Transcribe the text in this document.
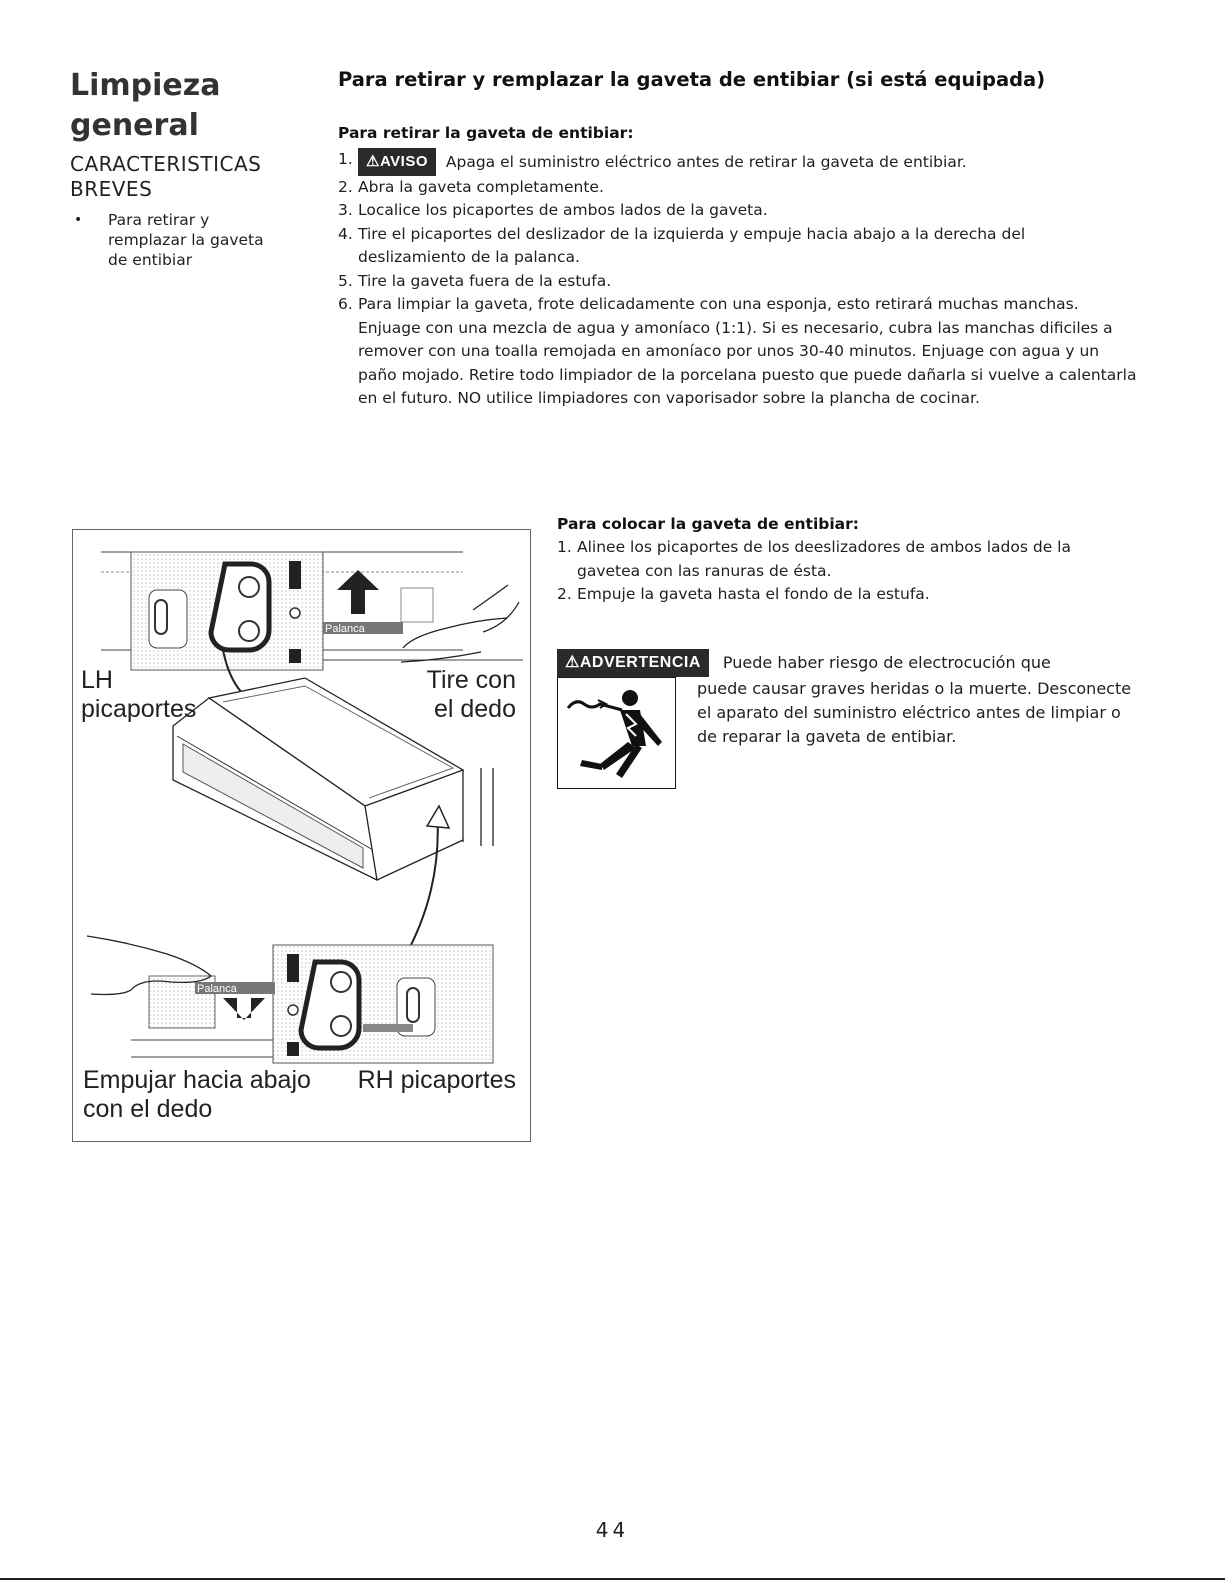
Limpieza
general
CARACTERISTICAS
BREVES
• Para retirar y
remplazar la gaveta
de entibiar
Para retirar y remplazar la gaveta de entibiar (si está equipada)
Para retirar la gaveta de entibiar:
1. ⚠AVISO Apaga el suministro eléctrico antes de retirar la gaveta de entibiar.
2. Abra la gaveta completamente.
3. Localice los picaportes de ambos lados de la gaveta.
4. Tire el picaportes del deslizador de la izquierda y empuje hacia abajo a la derecha del deslizamiento de la palanca.
5. Tire la gaveta fuera de la estufa.
6. Para limpiar la gaveta, frote delicadamente con una esponja, esto retirará muchas manchas. Enjuage con una mezcla de agua y amoníaco (1:1). Si es necesario, cubra las manchas dificiles a remover con una toalla remojada en amoníaco por unos 30-40 minutos. Enjuage con agua y un paño mojado. Retire todo limpiador de la porcelana puesto que puede dañarla si vuelve a calentarla en el futuro. NO utilice limpiadores con vaporisador sobre la plancha de cocinar.
Palanca
Palanca
LH
picaportes
Tire con
el dedo
Empujar hacia abajo
con el dedo
RH picaportes
Para colocar la gaveta de entibiar:
1. Alinee los picaportes de los deeslizadores de ambos lados de la gavetea con las ranuras de ésta.
2. Empuje la gaveta hasta el fondo de la estufa.
⚠ADVERTENCIA Puede haber riesgo de electrocución que
puede causar graves heridas o la muerte. Desconecte el aparato del suministro eléctrico antes de limpiar o de reparar la gaveta de entibiar.
44
